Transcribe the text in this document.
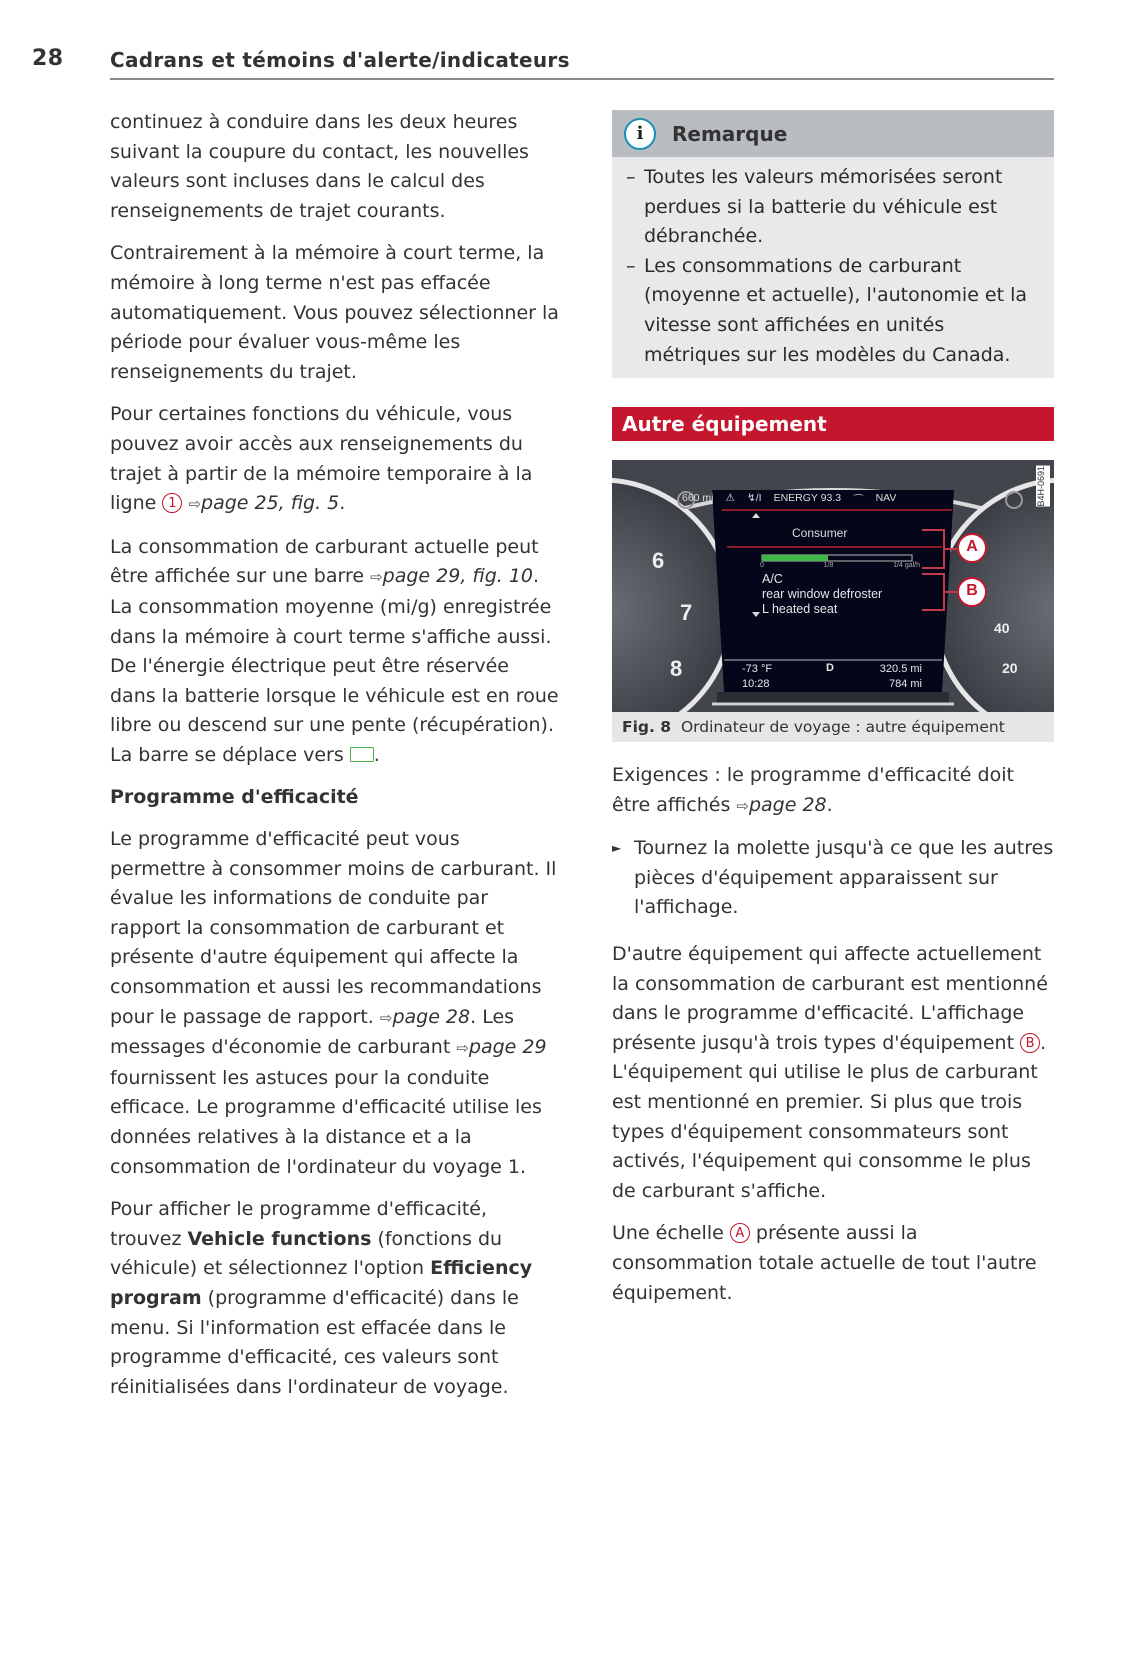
28 Cadrans et témoins d'alerte/indicateurs

continuez à conduire dans les deux heures suivant la coupure du contact, les nouvelles valeurs sont incluses dans le calcul des renseignements de trajet courants.

Contrairement à la mémoire à court terme, la mémoire à long terme n'est pas effacée automatiquement. Vous pouvez sélectionner la période pour évaluer vous-même les renseignements du trajet.

Pour certaines fonctions du véhicule, vous pouvez avoir accès aux renseignements du trajet à partir de la mémoire temporaire à la ligne 1 ⇨page 25, fig. 5.

La consommation de carburant actuelle peut être affichée sur une barre ⇨page 29, fig. 10. La consommation moyenne (mi/g) enregistrée dans la mémoire à court terme s'affiche aussi. De l'énergie électrique peut être réservée dans la batterie lorsque le véhicule est en roue libre ou descend sur une pente (récupération). La barre se déplace vers .

Programme d'efficacité

Le programme d'efficacité peut vous permettre à consommer moins de carburant. Il évalue les informations de conduite par rapport la consommation de carburant et présente d'autre équipement qui affecte la consommation et aussi les recommandations pour le passage de rapport. ⇨page 28. Les messages d'économie de carburant ⇨page 29 fournissent les astuces pour la conduite efficace. Le programme d'efficacité utilise les données relatives à la distance et a la consommation de l'ordinateur du voyage 1.

Pour afficher le programme d'efficacité, trouvez Vehicle functions (fonctions du véhicule) et sélectionnez l'option Efficiency program (programme d'efficacité) dans le menu. Si l'information est effacée dans le programme d'efficacité, ces valeurs sont réinitialisées dans l'ordinateur de voyage.

i	Remarque
– Toutes les valeurs mémorisées seront perdues si la batterie du véhicule est débranchée.
– Les consommations de carburant (moyenne et actuelle), l'autonomie et la vitesse sont affichées en unités métriques sur les modèles du Canada.
Autre équipement
660 mi ⚠ ↯/I ENERGY 93.3 ⌒ NAV
Consumer
0	1/8	1/4 gal/h
A/C
rear window defroster
L heated seat
-73 °F
10:28
D	320.5 mi
784 mi
A
B
6
7
8
40
20
B4H-0691
Fig. 8 Ordinateur de voyage : autre équipement

Exigences : le programme d'efficacité doit être affichés ⇨page 28.

► Tournez la molette jusqu'à ce que les autres pièces d'équipement apparaissent sur l'affichage.

D'autre équipement qui affecte actuellement la consommation de carburant est mentionné dans le programme d'efficacité. L'affichage présente jusqu'à trois types d'équipement B . L'équipement qui utilise le plus de carburant est mentionné en premier. Si plus que trois types d'équipement consommateurs sont activés, l'équipement qui consomme le plus de carburant s'affiche.

Une échelle A présente aussi la consommation totale actuelle de tout l'autre équipement.
